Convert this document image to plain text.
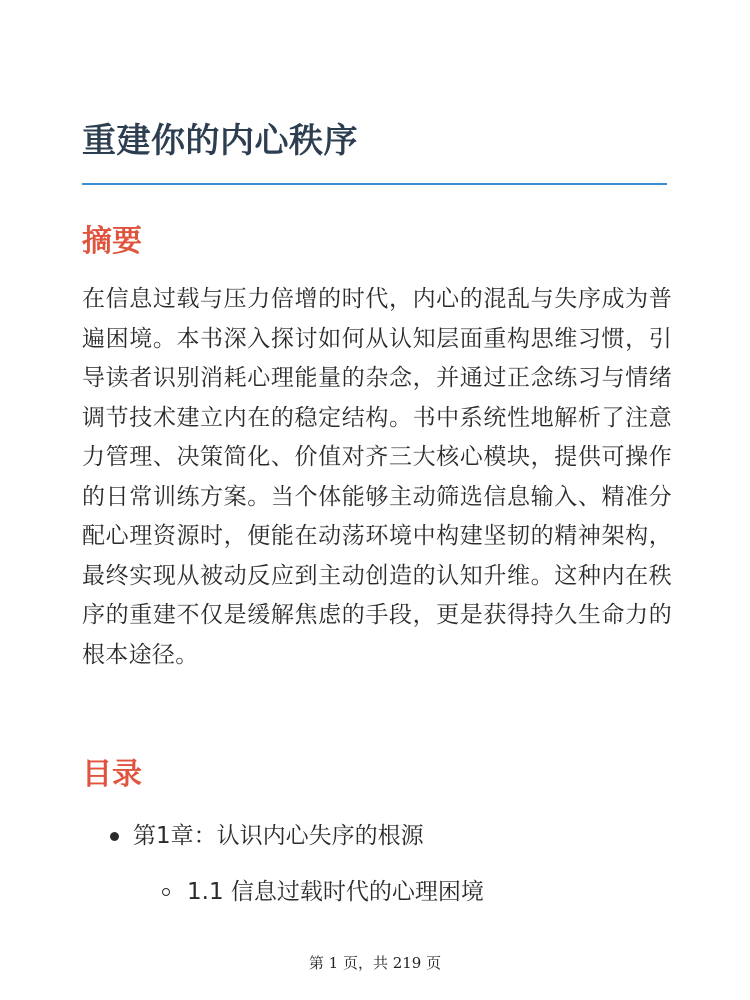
重建你的内心秩序
摘要

在信息过载与压力倍增的时代，内心的混乱与失序成为普遍困境。本书深入探讨如何从认知层面重构思维习惯，引导读者识别消耗心理能量的杂念，并通过正念练习与情绪调节技术建立内在的稳定结构。书中系统性地解析了注意力管理、决策简化、价值对齐三大核心模块，提供可操作的日常训练方案。当个体能够主动筛选信息输入、精准分配心理资源时，便能在动荡环境中构建坚韧的精神架构，最终实现从被动反应到主动创造的认知升维。这种内在秩序的重建不仅是缓解焦虑的手段，更是获得持久生命力的根本途径。

目录
第1章：认识内心失序的根源
1.1 信息过载时代的心理困境
第 1 页，共 219 页
